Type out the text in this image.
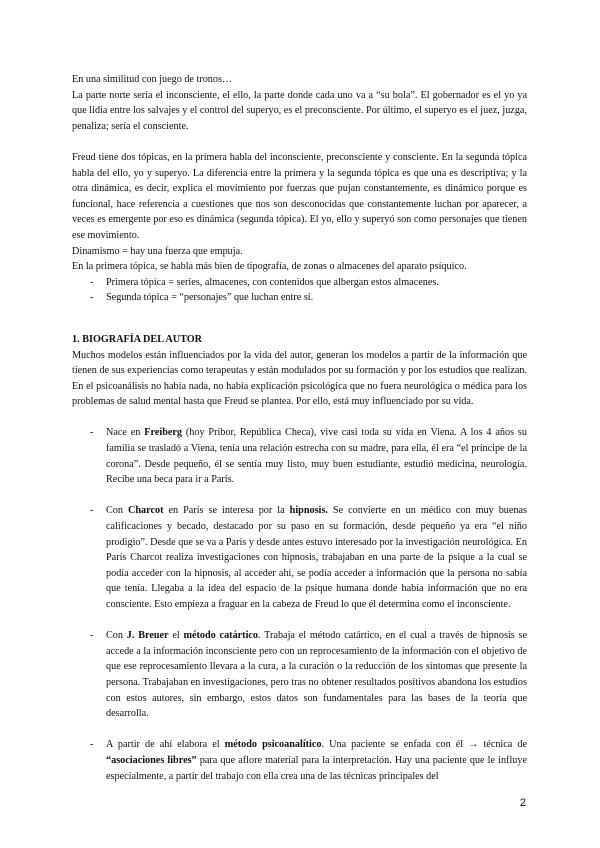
En una similitud con juego de tronos…

La parte norte sería el inconsciente, el ello, la parte donde cada uno va a “su bola”. El gobernador es el yo ya que lidia entre los salvajes y el control del superyo, es el preconsciente. Por último, el superyo es el juez, juzga, penaliza; sería el consciente.

Freud tiene dos tópicas, en la primera habla del inconsciente, preconsciente y consciente. En la segunda tópica habla del ello, yo y superyo. La diferencia entre la primera y la segunda tópica es que una es descriptiva; y la otra dinámica, es decir, explica el movimiento por fuerzas que pujan constantemente, es dinámico porque es funcional, hace referencia a cuestiones que nos son desconocidas que constantemente luchan por aparecer, a veces es emergente por eso es dinámica (segunda tópica). El yo, ello y superyó son como personajes que tienen ese movimiento.

Dinamismo = hay una fuerza que empuja.

En la primera tópica, se habla más bien de tipografía, de zonas o almacenes del aparato psíquico.

- Primera tópica = series, almacenes, con contenidos que albergan estos almacenes.
- Segunda tópica = “personajes” que luchan entre sí.

1. BIOGRAFÍA DEL AUTOR

Muchos modelos están influenciados por la vida del autor, generan los modelos a partir de la información que tienen de sus experiencias como terapeutas y están modulados por su formación y por los estudios que realizan. En el psicoanálisis no había nada, no había explicación psicológica que no fuera neurológica o médica para los problemas de salud mental hasta que Freud se plantea. Por ello, está muy influenciado por su vida.

- Nace en Freiberg (hoy Pribor, República Checa), vive casi toda su vida en Viena. A los 4 años su familia se trasladó a Viena, tenía una relación estrecha con su madre, para ella, él era “el príncipe de la corona”. Desde pequeño, él se sentía muy listo, muy buen estudiante, estudió medicina, neurología. Recibe una beca para ir a París.
- Con Charcot en París se interesa por la hipnosis. Se convierte en un médico con muy buenas calificaciones y becado, destacado por su paso en su formación, desde pequeño ya era “el niño prodigio”. Desde que se va a París y desde antes estuvo interesado por la investigación neurológica. En París Charcot realiza investigaciones con hipnosis, trabajaban en una parte de la psique a la cual se podía acceder con la hipnosis, al acceder ahí, se podía acceder a información que la persona no sabía que tenía. Llegaba a la idea del espacio de la psique humana donde había información que no era consciente. Esto empieza a fraguar en la cabeza de Freud lo que él determina como el inconsciente.
- Con J. Breuer el método catártico. Trabaja el método catártico, en el cual a través de hipnosis se accede a la información inconsciente pero con un reprocesamiento de la información con el objetivo de que ese reprocesamiento llevara a la cura, a la curación o la reducción de los síntomas que presente la persona. Trabajaban en investigaciones, pero tras no obtener resultados positivos abandona los estudios con estos autores, sin embargo, estos datos son fundamentales para las bases de la teoría que desarrolla.
- A partir de ahí elabora el método psicoanalítico. Una paciente se enfada con él → técnica de “asociaciones libres” para que aflore material para la interpretación. Hay una paciente que le influye especialmente, a partir del trabajo con ella crea una de las técnicas principales del
2
